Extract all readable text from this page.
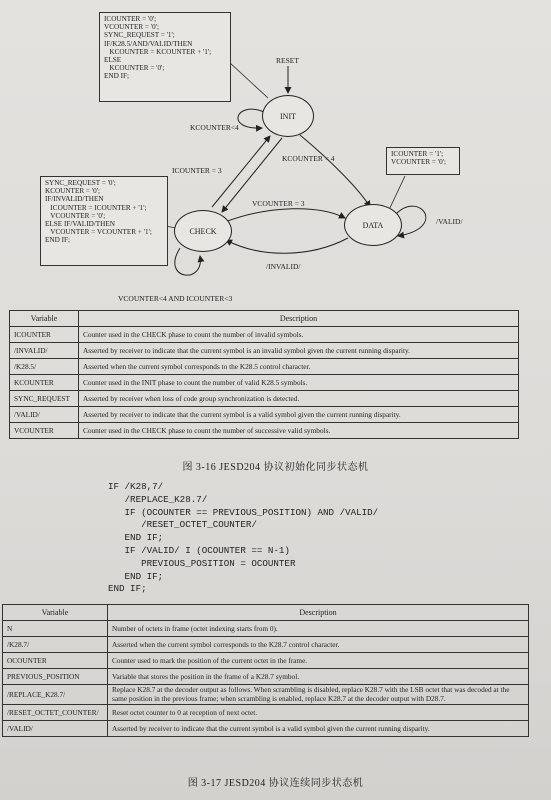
ICOUNTER = '0';
VCOUNTER = '0';
SYNC_REQUEST = '1';
IF/K28.5/AND/VALID/THEN
KCOUNTER = KCOUNTER + '1';
ELSE
KCOUNTER = '0';
END IF;
SYNC_REQUEST = '0';
KCOUNTER = '0';
IF/INVALID/THEN
ICOUNTER = ICOUNTER + '1';
VCOUNTER = '0';
ELSE IF/VALID/THEN
VCOUNTER = VCOUNTER + '1';
END IF;
ICOUNTER = '1';
VCOUNTER = '0';
RESET
INIT
CHECK
DATA
KCOUNTER<4
KCOUNTER = 4
ICOUNTER = 3
VCOUNTER = 3
/VALID/
/INVALID/
VCOUNTER<4 AND ICOUNTER<3
Variable	Description
ICOUNTER	Counter used in the CHECK phase to count the number of invalid symbols.
/INVALID/	Asserted by receiver to indicate that the current symbol is an invalid symbol given the current running disparity.
/K28.5/	Asserted when the current symbol corresponds to the K28.5 control character.
KCOUNTER	Counter used in the INIT phase to count the number of valid K28.5 symbols.
SYNC_REQUEST	Asserted by receiver when loss of code group synchronization is detected.
/VALID/	Asserted by receiver to indicate that the current symbol is a valid symbol given the current running disparity.
VCOUNTER	Counter used in the CHECK phase to count the number of successive valid symbols.
图 3-16 JESD204 协议初始化同步状态机
IF /K28,7/
/REPLACE_K28.7/
IF (OCOUNTER == PREVIOUS_POSITION) AND /VALID/
/RESET_OCTET_COUNTER/
END IF;
IF /VALID/ I (OCOUNTER == N-1)
PREVIOUS_POSITION = OCOUNTER
END IF;
END IF;
Variable	Description
N	Number of octets in frame (octet indexing starts from 0).
/K28.7/	Asserted when the current symbol corresponds to the K28.7 control character.
OCOUNTER	Counter used to mark the position of the current octet in the frame.
PREVIOUS_POSITION	Variable that stores the position in the frame of a K28.7 symbol.
/REPLACE_K28.7/	Replace K28.7 at the decoder output as follows. When scrambling is disabled, replace K28.7 with the LSB octet that was decoded at the same position in the previous frame; when scrambling is enabled, replace K28.7 at the decoder output with D28.7.
/RESET_OCTET_COUNTER/	Reset octet counter to 0 at reception of next octet.
/VALID/	Asserted by receiver to indicate that the current symbol is a valid symbol given the current running disparity.
图 3-17 JESD204 协议连续同步状态机
